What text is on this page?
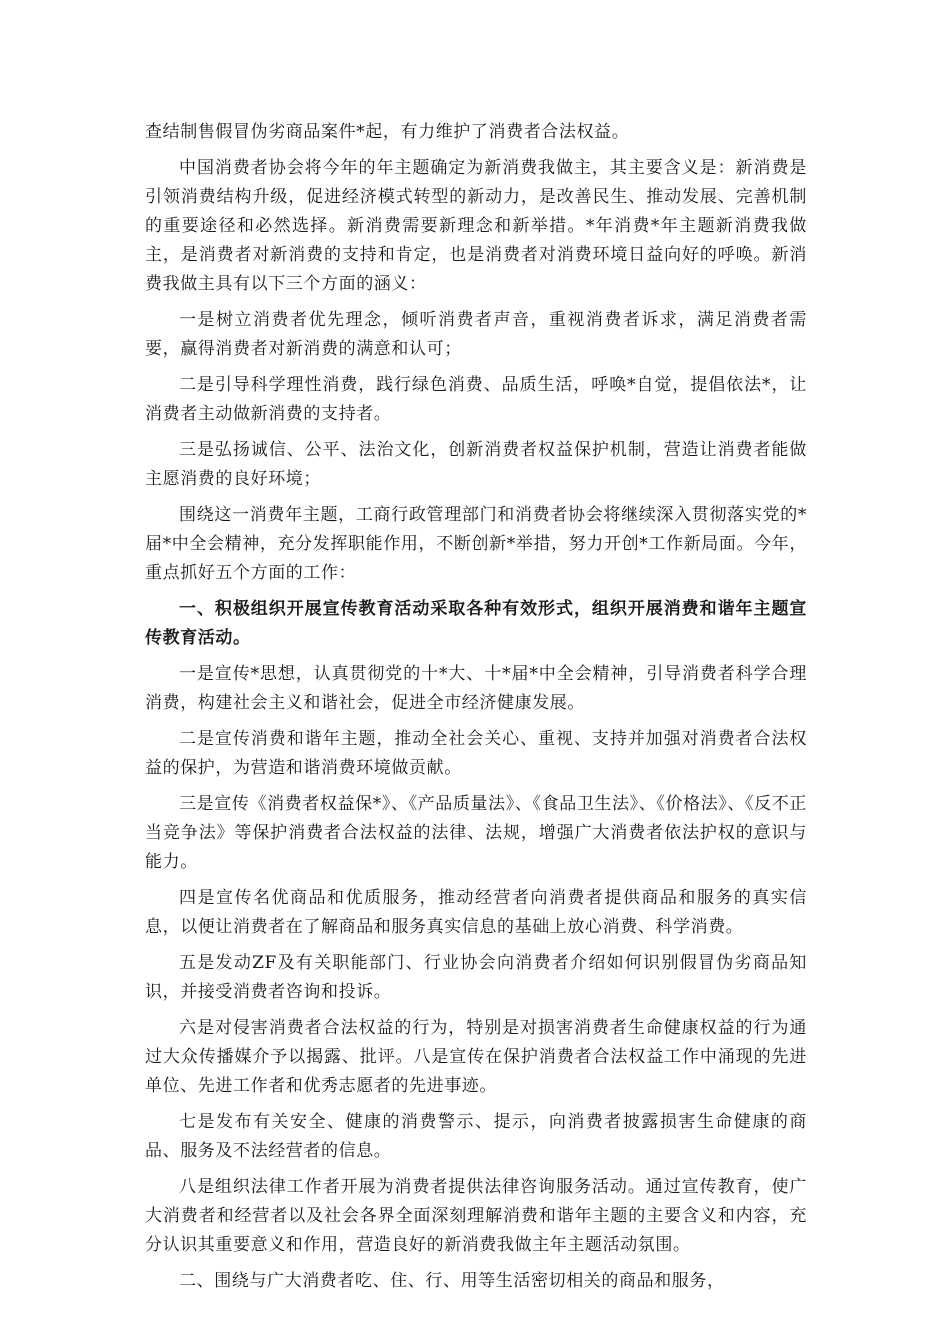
查结制售假冒伪劣商品案件*起，有力维护了消费者合法权益。

中国消费者协会将今年的年主题确定为新消费我做主，其主要含义是：新消费是引领消费结构升级，促进经济模式转型的新动力，是改善民生、推动发展、完善机制的重要途径和必然选择。新消费需要新理念和新举措。*年消费*年主题新消费我做主，是消费者对新消费的支持和肯定，也是消费者对消费环境日益向好的呼唤。新消费我做主具有以下三个方面的涵义：

一是树立消费者优先理念，倾听消费者声音，重视消费者诉求，满足消费者需要，赢得消费者对新消费的满意和认可；

二是引导科学理性消费，践行绿色消费、品质生活，呼唤*自觉，提倡依法*，让消费者主动做新消费的支持者。

三是弘扬诚信、公平、法治文化，创新消费者权益保护机制，营造让消费者能做主愿消费的良好环境；

围绕这一消费年主题，工商行政管理部门和消费者协会将继续深入贯彻落实党的*届*中全会精神，充分发挥职能作用，不断创新*举措，努力开创*工作新局面。今年，重点抓好五个方面的工作：

一、积极组织开展宣传教育活动采取各种有效形式，组织开展消费和谐年主题宣传教育活动。

一是宣传*思想，认真贯彻党的十*大、十*届*中全会精神，引导消费者科学合理消费，构建社会主义和谐社会，促进全市经济健康发展。

二是宣传消费和谐年主题，推动全社会关心、重视、支持并加强对消费者合法权益的保护，为营造和谐消费环境做贡献。

三是宣传《消费者权益保*》、《产品质量法》、《食品卫生法》、《价格法》、《反不正当竞争法》等保护消费者合法权益的法律、法规，增强广大消费者依法护权的意识与能力。

四是宣传名优商品和优质服务，推动经营者向消费者提供商品和服务的真实信息，以便让消费者在了解商品和服务真实信息的基础上放心消费、科学消费。

五是发动ZF及有关职能部门、行业协会向消费者介绍如何识别假冒伪劣商品知识，并接受消费者咨询和投诉。

六是对侵害消费者合法权益的行为，特别是对损害消费者生命健康权益的行为通过大众传播媒介予以揭露、批评。八是宣传在保护消费者合法权益工作中涌现的先进单位、先进工作者和优秀志愿者的先进事迹。

七是发布有关安全、健康的消费警示、提示，向消费者披露损害生命健康的商品、服务及不法经营者的信息。

八是组织法律工作者开展为消费者提供法律咨询服务活动。通过宣传教育，使广大消费者和经营者以及社会各界全面深刻理解消费和谐年主题的主要含义和内容，充分认识其重要意义和作用，营造良好的新消费我做主年主题活动氛围。

二、围绕与广大消费者吃、住、行、用等生活密切相关的商品和服务，
